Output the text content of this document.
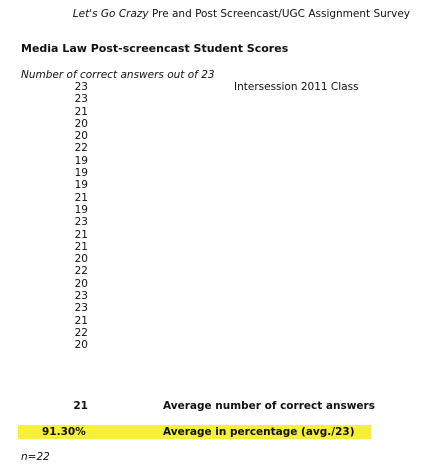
Let's Go Crazy Pre and Post Screencast/UGC Assignment Survey
Media Law Post-screencast Student Scores
Number of correct answers out of 23
Intersession 2011 Class
23
23
21
20
20
22
19
19
19
21
19
23
21
21
20
22
20
23
23
21
22
20
21	Average number of correct answers
91.30%	Average in percentage (avg./23)
n=22
